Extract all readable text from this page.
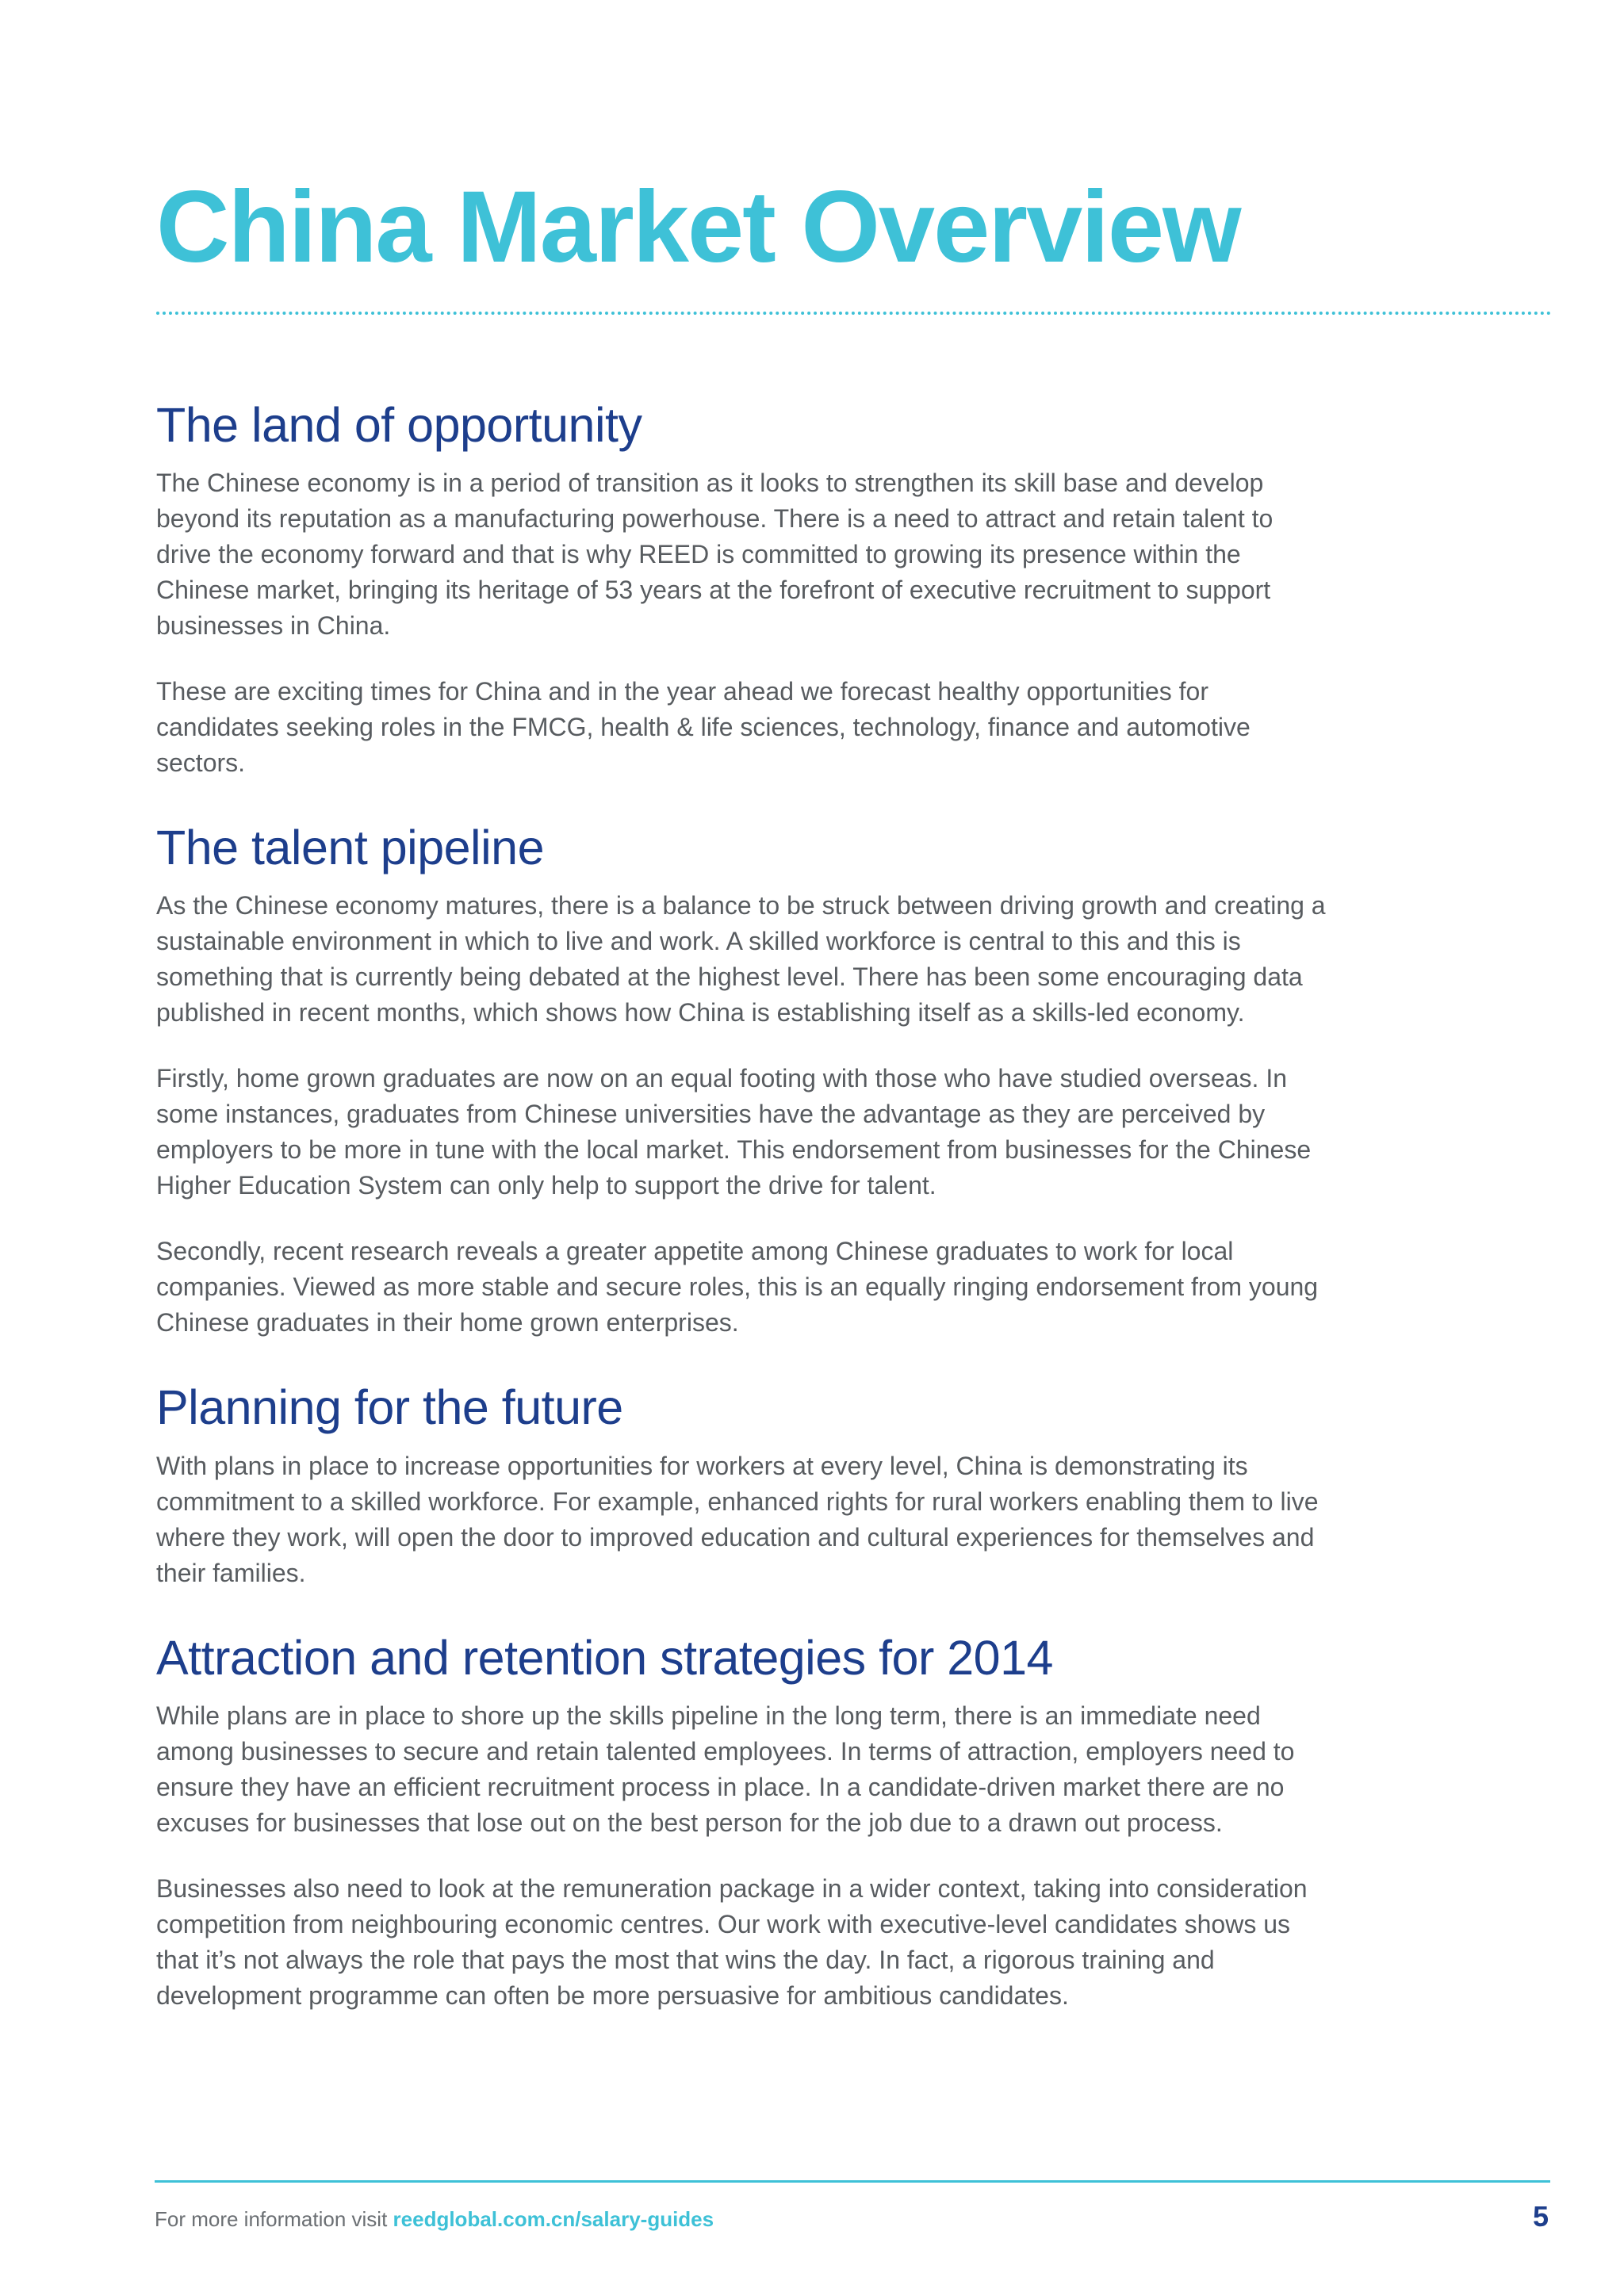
China Market Overview
The land of opportunity

The Chinese economy is in a period of transition as it looks to strengthen its skill base and develop beyond its reputation as a manufacturing powerhouse. There is a need to attract and retain talent to drive the economy forward and that is why REED is committed to growing its presence within the Chinese market, bringing its heritage of 53 years at the forefront of executive recruitment to support businesses in China.

These are exciting times for China and in the year ahead we forecast healthy opportunities for candidates seeking roles in the FMCG, health & life sciences, technology, finance and automotive sectors.

The talent pipeline

As the Chinese economy matures, there is a balance to be struck between driving growth and creating a sustainable environment in which to live and work. A skilled workforce is central to this and this is something that is currently being debated at the highest level. There has been some encouraging data published in recent months, which shows how China is establishing itself as a skills-led economy.

Firstly, home grown graduates are now on an equal footing with those who have studied overseas. In some instances, graduates from Chinese universities have the advantage as they are perceived by employers to be more in tune with the local market. This endorsement from businesses for the Chinese Higher Education System can only help to support the drive for talent.

Secondly, recent research reveals a greater appetite among Chinese graduates to work for local companies. Viewed as more stable and secure roles, this is an equally ringing endorsement from young Chinese graduates in their home grown enterprises.

Planning for the future

With plans in place to increase opportunities for workers at every level, China is demonstrating its commitment to a skilled workforce. For example, enhanced rights for rural workers enabling them to live where they work, will open the door to improved education and cultural experiences for themselves and their families.

Attraction and retention strategies for 2014

While plans are in place to shore up the skills pipeline in the long term, there is an immediate need among businesses to secure and retain talented employees. In terms of attraction, employers need to ensure they have an efficient recruitment process in place. In a candidate-driven market there are no excuses for businesses that lose out on the best person for the job due to a drawn out process.

Businesses also need to look at the remuneration package in a wider context, taking into consideration competition from neighbouring economic centres. Our work with executive-level candidates shows us that it’s not always the role that pays the most that wins the day. In fact, a rigorous training and development programme can often be more persuasive for ambitious candidates.

For more information visit reedglobal.com.cn/salary-guides	5
